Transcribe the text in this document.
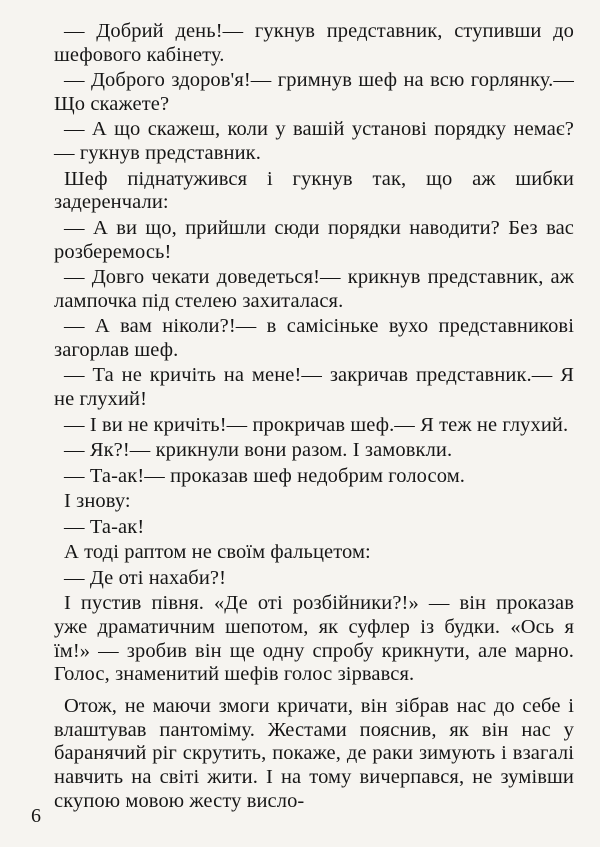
— Добрий день!— гукнув представник, ступивши до шефового кабінету.

— Доброго здоров'я!— гримнув шеф на всю горлянку.— Що скажете?

— А що скажеш, коли у вашій установі порядку немає?— гукнув представник.

Шеф піднатужився і гукнув так, що аж шибки задеренчали:

— А ви що, прийшли сюди порядки наводити? Без вас розберемось!

— Довго чекати доведеться!— крикнув представник, аж лампочка під стелею захиталася.

— А вам ніколи?!— в самісіньке вухо представникові загорлав шеф.

— Та не кричіть на мене!— закричав представник.— Я не глухий!

— І ви не кричіть!— прокричав шеф.— Я теж не глухий.

— Як?!— крикнули вони разом. І замовкли.

— Та-ак!— проказав шеф недобрим голосом.

І знову:

— Та-ак!

А тоді раптом не своїм фальцетом:

— Де оті нахаби?!

І пустив півня. «Де оті розбійники?!» — він проказав уже драматичним шепотом, як суфлер із будки. «Ось я їм!» — зробив він ще одну спробу крикнути, але марно. Голос, знаменитий шефів голос зірвався.

Отож, не маючи змоги кричати, він зібрав нас до себе і влаштував пантоміму. Жестами пояснив, як він нас у баранячий ріг скрутить, покаже, де раки зимують і взагалі навчить на світі жити. І на тому вичерпався, не зумівши скупою мовою жесту висло-

6
